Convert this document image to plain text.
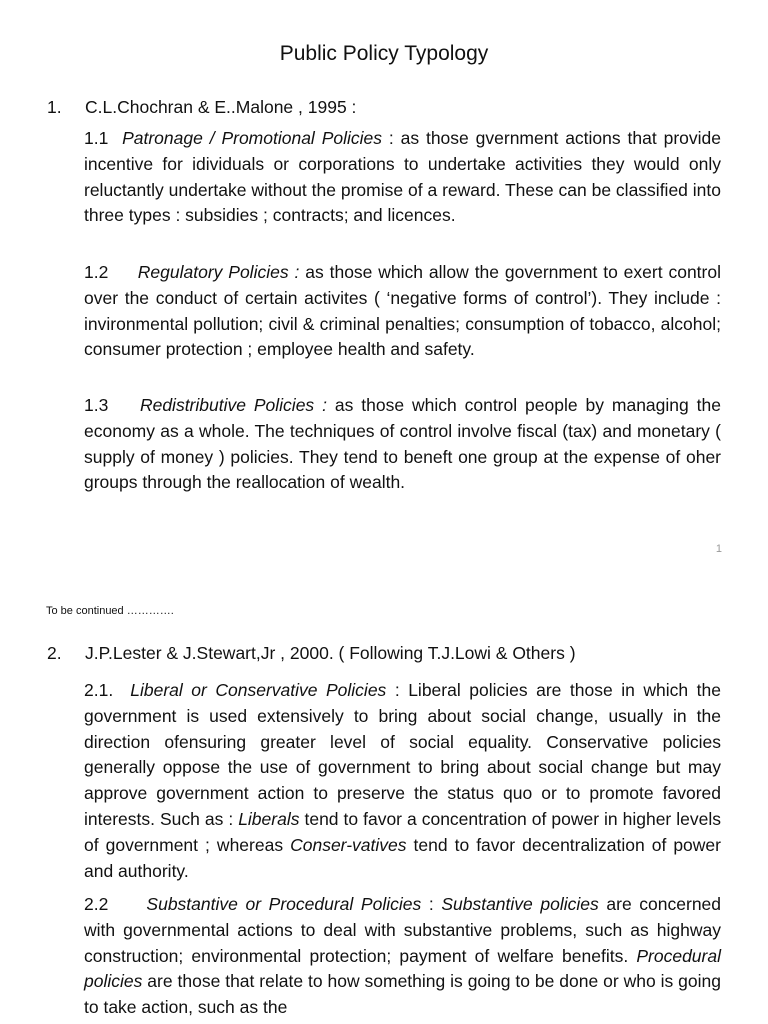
Public Policy Typology
1. C.L.Chochran & E..Malone , 1995 :

1.1 Patronage / Promotional Policies : as those gvernment actions that provide incentive for idividuals or corporations to undertake activities they would only reluctantly undertake without the promise of a reward. These can be classified into three types : subsidies ; contracts; and licences.

1.2 Regulatory Policies : as those which allow the government to exert control over the conduct of certain activites ( ‘negative forms of control’). They include : invironmental pollution; civil & criminal penalties; consumption of tobacco, alcohol; consumer protection ; employee health and safety.

1.3 Redistributive Policies : as those which control people by managing the economy as a whole. The techniques of control involve fiscal (tax) and monetary ( supply of money ) policies. They tend to beneft one group at the expense of oher groups through the reallocation of wealth.

1
To be continued ………….
2. J.P.Lester & J.Stewart,Jr , 2000. ( Following T.J.Lowi & Others )

2.1. Liberal or Conservative Policies : Liberal policies are those in which the government is used extensively to bring about social change, usually in the direction ofensuring greater level of social equality. Conservative policies generally oppose the use of government to bring about social change but may approve government action to preserve the status quo or to promote favored interests. Such as : Liberals tend to favor a concentration of power in higher levels of government ; whereas Conser-vatives tend to favor decentralization of power and authority.

2.2 Substantive or Procedural Policies : Substantive policies are concerned with governmental actions to deal with substantive problems, such as highway construction; environmental protection; payment of welfare benefits. Procedural policies are those that relate to how something is going to be done or who is going to take action, such as the
